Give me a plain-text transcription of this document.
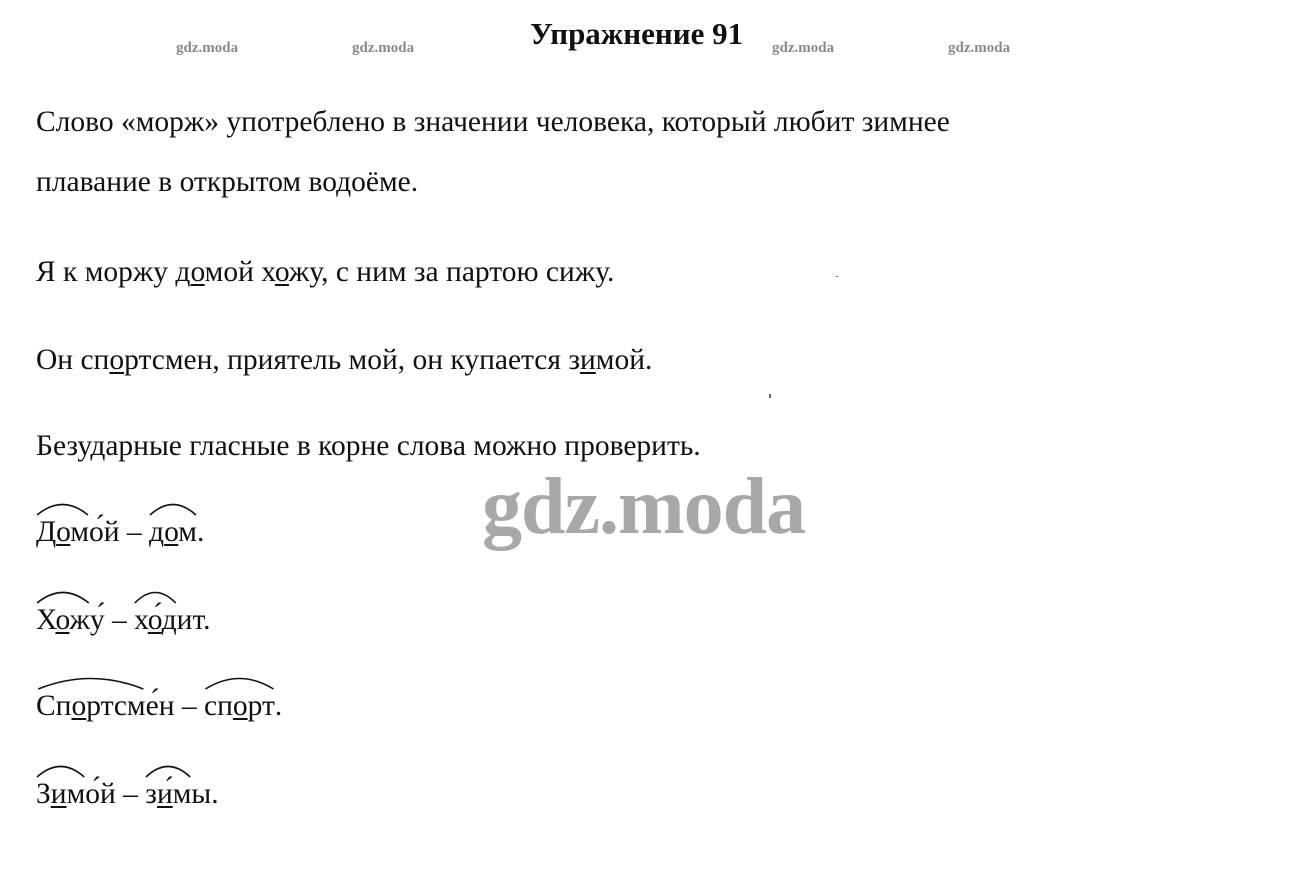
Упражнение 91
gdz.moda	gdz.moda	gdz.moda	gdz.moda
Слово «морж» употреблено в значении человека, который любит зимнее
плавание в открытом водоёме.
Я к моржу домой хожу, с ним за партою сижу.
Он спортсмен, приятель мой, он купается зимой.
Безударные гласные в корне слова можно проверить.
gdz.moda
Домой –
дом.
Хожу –
ходит.
Спортсмен –
спорт.
Зимой –
зимы.
